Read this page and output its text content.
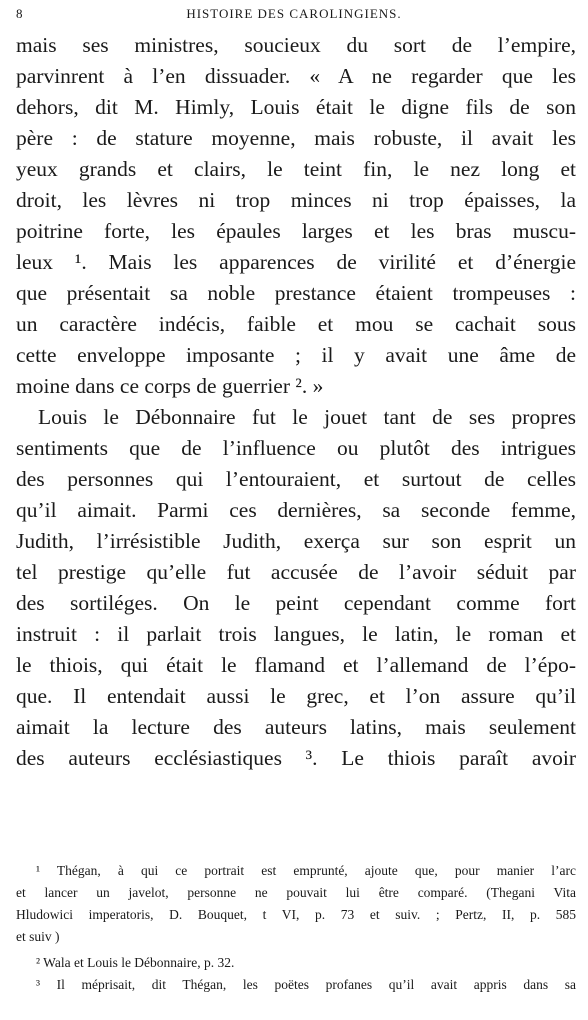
8	HISTOIRE DES CAROLINGIENS.
mais ses ministres, soucieux du sort de l’empire,
parvinrent à l’en dissuader. « A ne regarder que les
dehors, dit M. Himly, Louis était le digne fils de son
père : de stature moyenne, mais robuste, il avait les
yeux grands et clairs, le teint fin, le nez long et
droit, les lèvres ni trop minces ni trop épaisses, la
poitrine forte, les épaules larges et les bras muscu-
leux ¹. Mais les apparences de virilité et d’énergie
que présentait sa noble prestance étaient trompeuses :
un caractère indécis, faible et mou se cachait sous
cette enveloppe imposante ; il y avait une âme de
moine dans ce corps de guerrier ². »
Louis le Débonnaire fut le jouet tant de ses propres
sentiments que de l’influence ou plutôt des intrigues
des personnes qui l’entouraient, et surtout de celles
qu’il aimait. Parmi ces dernières, sa seconde femme,
Judith, l’irrésistible Judith, exerça sur son esprit un
tel prestige qu’elle fut accusée de l’avoir séduit par
des sortiléges. On le peint cependant comme fort
instruit : il parlait trois langues, le latin, le roman et
le thiois, qui était le flamand et l’allemand de l’épo-
que. Il entendait aussi le grec, et l’on assure qu’il
aimait la lecture des auteurs latins, mais seulement
des auteurs ecclésiastiques ³. Le thiois paraît avoir
¹ Thégan, à qui ce portrait est emprunté, ajoute que, pour manier l’arc
et lancer un javelot, personne ne pouvait lui être comparé. (Thegani Vita
Hludowici imperatoris, D. Bouquet, t VI, p. 73 et suiv. ; Pertz, II, p. 585
et suiv )
² Wala et Louis le Débonnaire, p. 32.
³ Il méprisait, dit Thégan, les poëtes profanes qu’il avait appris dans sa
